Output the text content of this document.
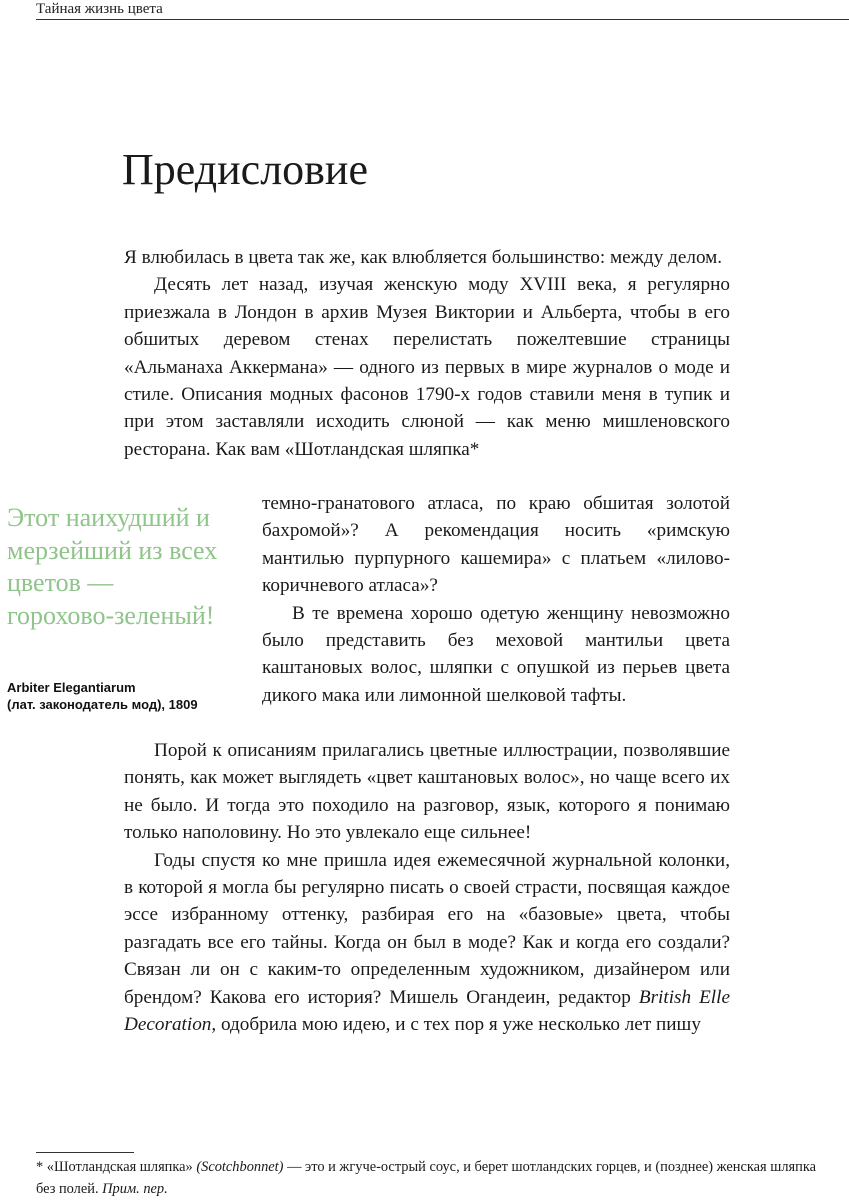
Тайная жизнь цвета
Предисловие

Я влюбилась в цвета так же, как влюбляется большинство: между делом.

Десять лет назад, изучая женскую моду XVIII века, я регулярно приезжала в Лондон в архив Музея Виктории и Альберта, чтобы в его обшитых деревом стенах перелистать пожелтевшие страницы «Альманаха Аккермана» — одного из первых в мире журналов о моде и стиле. Описания модных фасонов 1790-х годов ставили меня в тупик и при этом заставляли исходить слюной — как меню мишленовского ресторана. Как вам «Шотландская шляпка*

темно-гранатового атласа, по краю обшитая золотой бахромой»? А рекомендация носить «римскую мантилью пурпурного кашемира» с платьем «лилово-коричневого атласа»?

В те времена хорошо одетую женщину невозможно было представить без меховой мантильи цвета каштановых волос, шляпки с опушкой из перьев цвета дикого мака или лимонной шелковой тафты.

Порой к описаниям прилагались цветные иллюстрации, позволявшие понять, как может выглядеть «цвет каштановых волос», но чаще всего их не было. И тогда это походило на разговор, язык, которого я понимаю только наполовину. Но это увлекало еще сильнее!

Годы спустя ко мне пришла идея ежемесячной журнальной колонки, в которой я могла бы регулярно писать о своей страсти, посвящая каждое эссе избранному оттенку, разбирая его на «базовые» цвета, чтобы разгадать все его тайны. Когда он был в моде? Как и когда его создали? Связан ли он с каким-то определенным художником, дизайнером или брендом? Какова его история? Мишель Огандеин, редактор British Elle Decoration, одобрила мою идею, и с тех пор я уже несколько лет пишу

Этот наихудший и мерзейший из всех цветов — горохово-зеленый!

Arbiter Elegantiarum
(лат. законодатель мод), 1809

* «Шотландская шляпка» (Scotchbonnet) — это и жгуче-острый соус, и берет шотландских горцев, и (позднее) женская шляпка без полей. Прим. пер.
